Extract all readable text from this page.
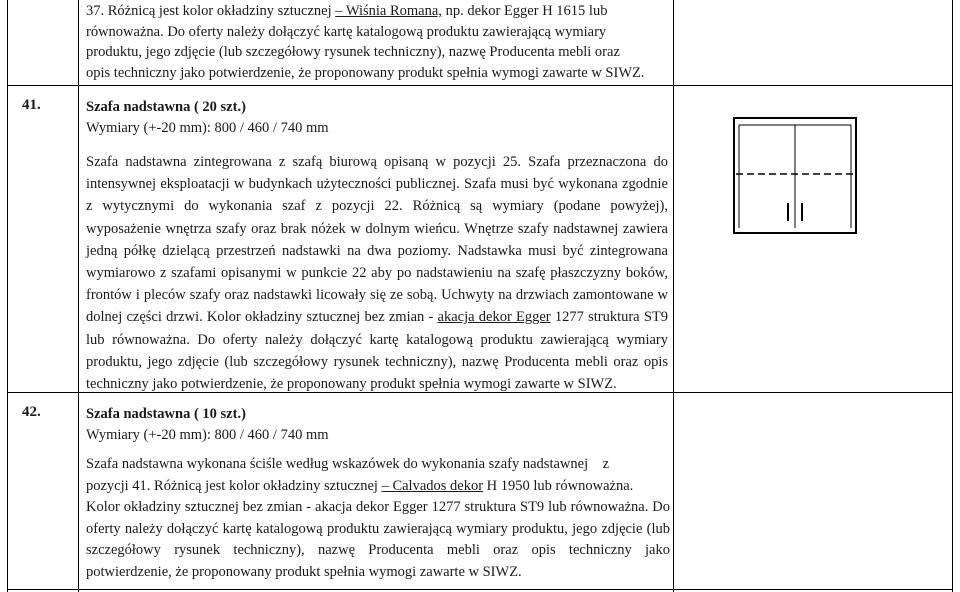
37. Różnicą jest kolor okładziny sztucznej – Wiśnia Romana, np. dekor Egger H 1615 lub
równoważna. Do oferty należy dołączyć kartę katalogową produktu zawierającą wymiary
produktu, jego zdjęcie (lub szczegółowy rysunek techniczny), nazwę Producenta mebli oraz
opis techniczny jako potwierdzenie, że proponowany produkt spełnia wymogi zawarte w SIWZ.
41.	Szafa nadstawna ( 20 szt.)
Wymiary (+-20 mm): 800 / 460 / 740 mm
Szafa nadstawna zintegrowana z szafą biurową opisaną w pozycji 25. Szafa przeznaczona do intensywnej eksploatacji w budynkach użyteczności publicznej. Szafa musi być wykonana zgodnie z wytycznymi do wykonania szaf z pozycji 22. Różnicą są wymiary (podane powyżej), wyposażenie wnętrza szafy oraz brak nóżek w dolnym wieńcu. Wnętrze szafy nadstawnej zawiera jedną półkę dzielącą przestrzeń nadstawki na dwa poziomy. Nadstawka musi być zintegrowana wymiarowo z szafami opisanymi w punkcie 22 aby po nadstawieniu na szafę płaszczyzny boków, frontów i pleców szafy oraz nadstawki licowały się ze sobą. Uchwyty na drzwiach zamontowane w dolnej części drzwi. Kolor okładziny sztucznej bez zmian - akacja dekor Egger 1277 struktura ST9 lub równoważna. Do oferty należy dołączyć kartę katalogową produktu zawierającą wymiary produktu, jego zdjęcie (lub szczegółowy rysunek techniczny), nazwę Producenta mebli oraz opis techniczny jako potwierdzenie, że proponowany produkt spełnia wymogi zawarte w SIWZ.
42.	Szafa nadstawna ( 10 szt.)
Wymiary (+-20 mm): 800 / 460 / 740 mm
Szafa nadstawna wykonana ściśle według wskazówek do wykonania szafy nadstawnej    z
pozycji 41. Różnicą jest kolor okładziny sztucznej – Calvados dekor H 1950 lub równoważna.
Kolor okładziny sztucznej bez zmian - akacja dekor Egger 1277 struktura ST9 lub równoważna. Do oferty należy dołączyć kartę katalogową produktu zawierającą wymiary produktu, jego zdjęcie (lub szczegółowy rysunek techniczny), nazwę Producenta mebli oraz opis techniczny jako potwierdzenie, że proponowany produkt spełnia wymogi zawarte w SIWZ.
